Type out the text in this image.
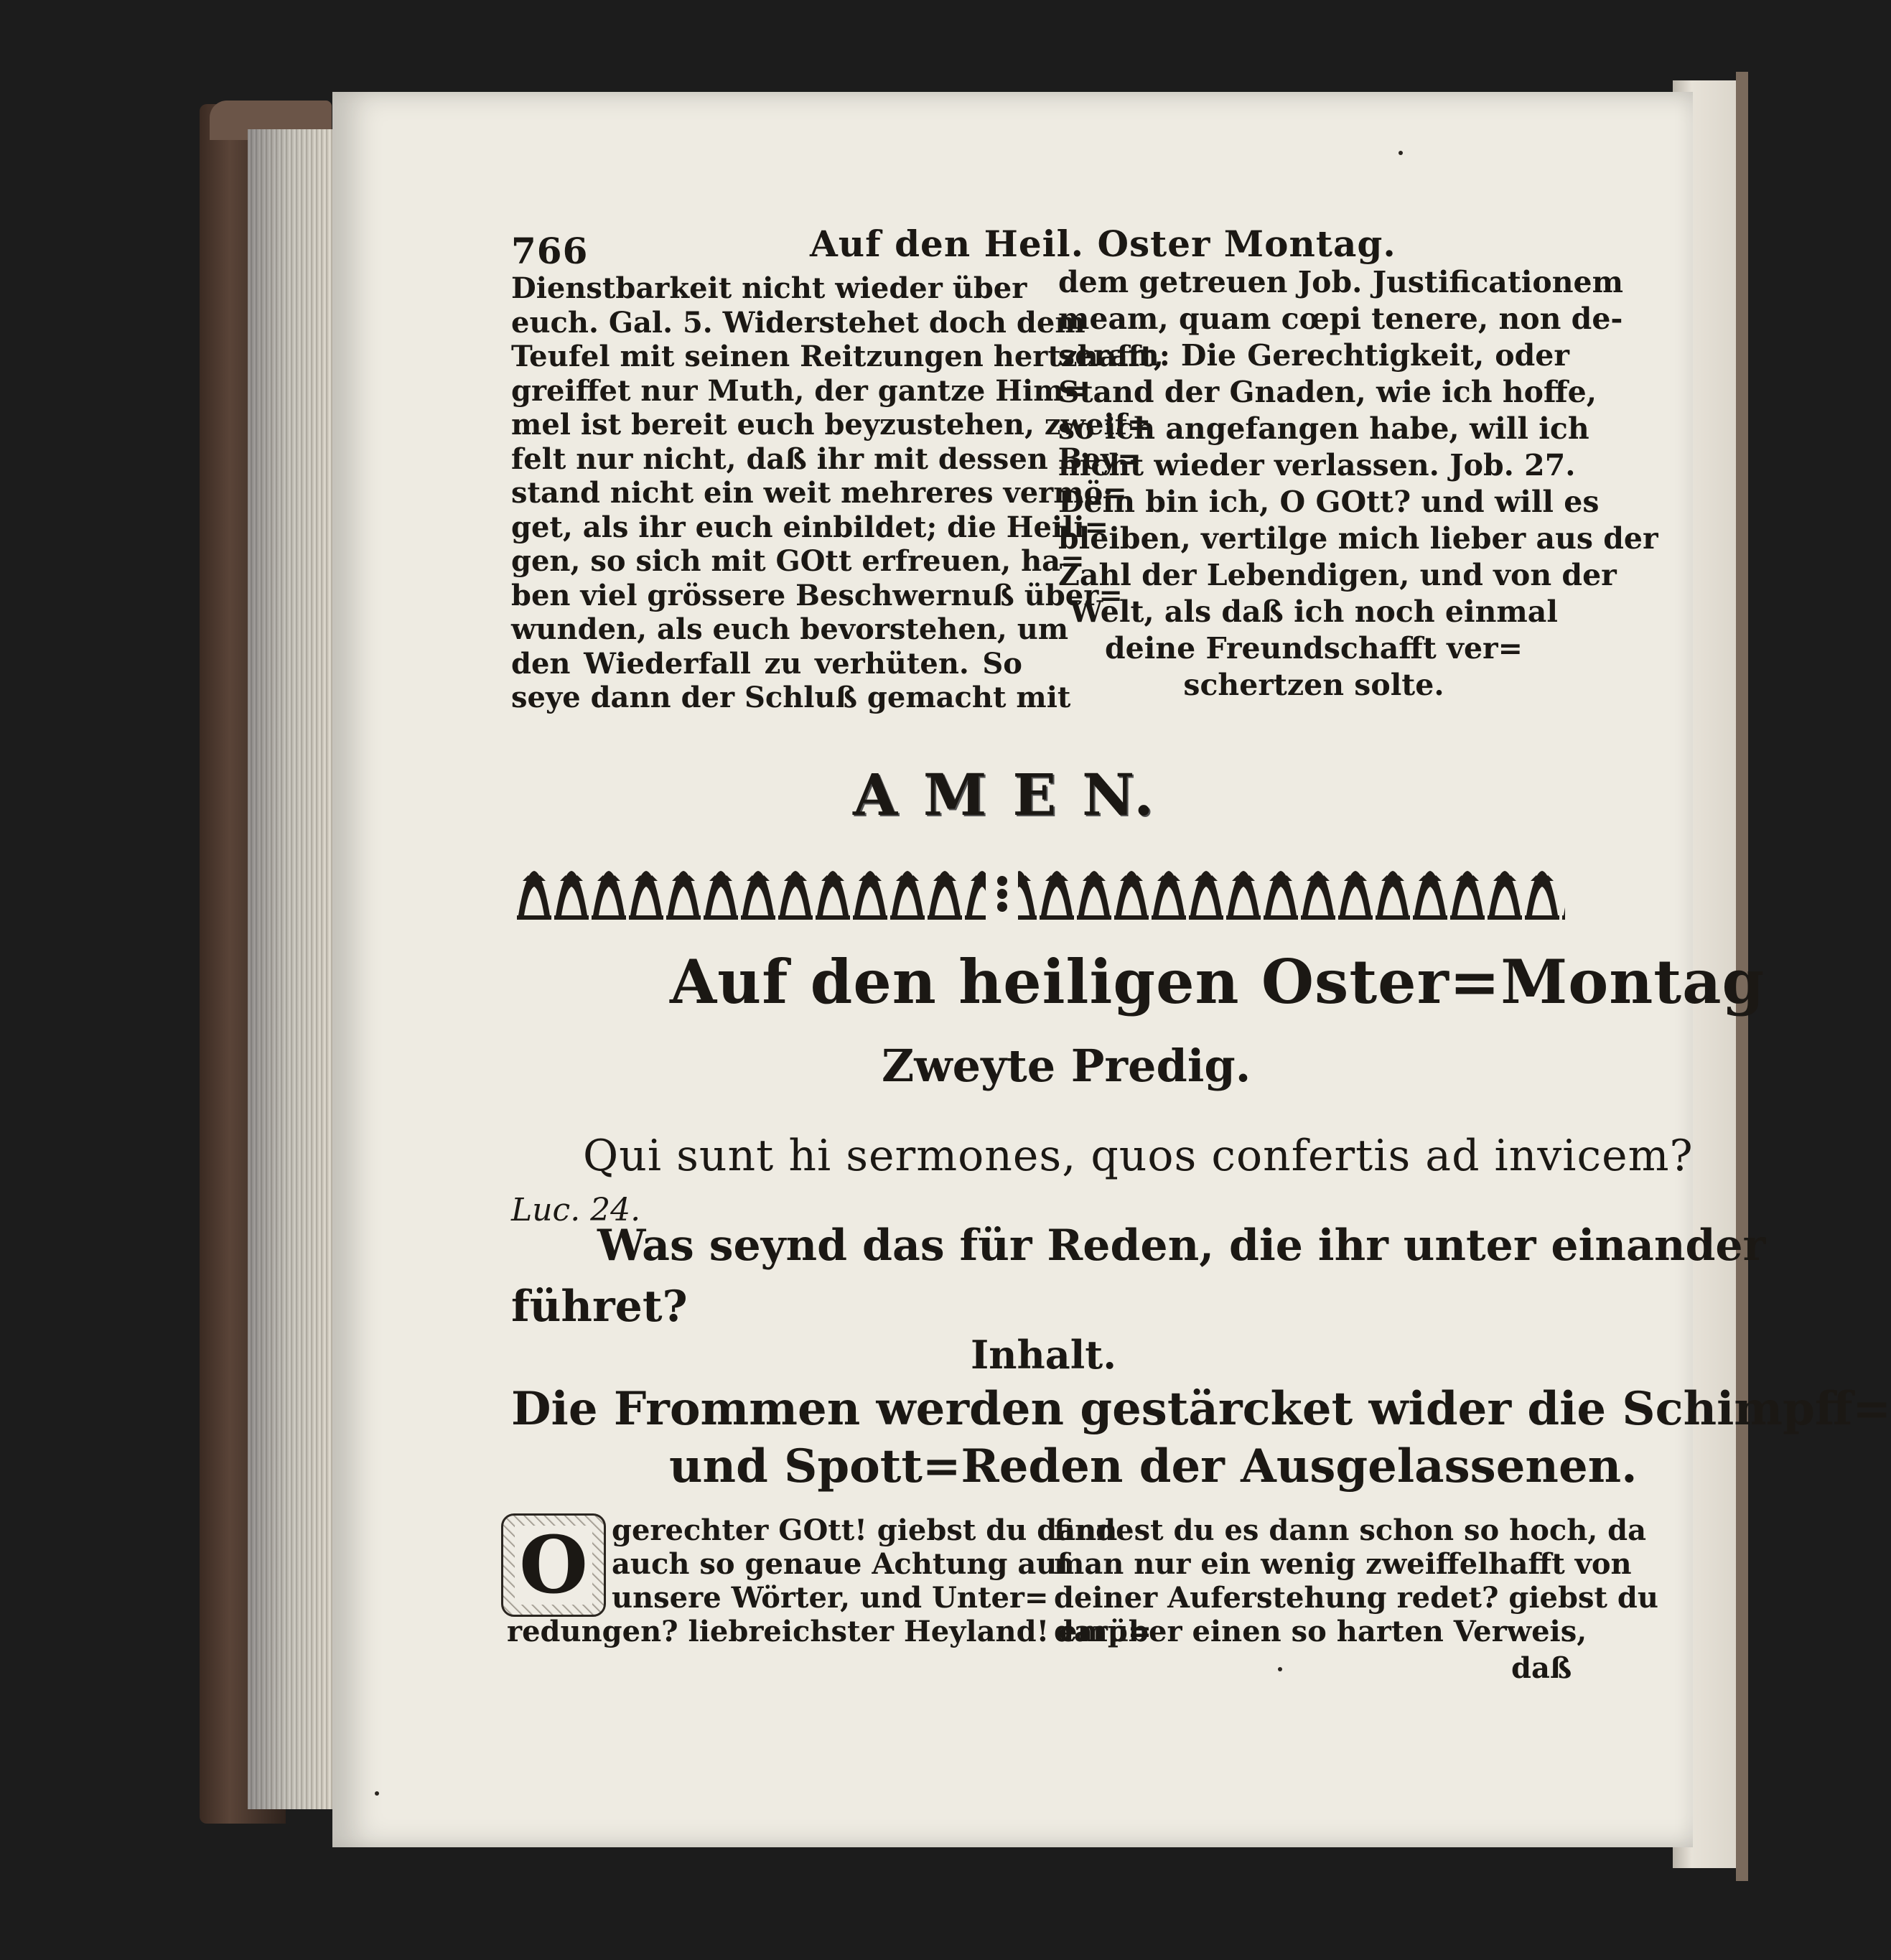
766	Auf den Heil. Oster Montag.
Dienstbarkeit nicht wieder über
euch. Gal. 5. Widerstehet doch dem
Teufel mit seinen Reitzungen hertzhafft,
greiffet nur Muth, der gantze Him=
mel ist bereit euch beyzustehen, zweif=
felt nur nicht, daß ihr mit dessen Bey=
stand nicht ein weit mehreres vermö=
get, als ihr euch einbildet; die Heili=
gen, so sich mit GOtt erfreuen, ha=
ben viel grössere Beschwernuß über=
wunden, als euch bevorstehen, um
den Wiederfall zu verhüten. So
seye dann der Schluß gemacht mit
dem getreuen Job. Justificationem
meam, quam cœpi tenere, non de-
seram: Die Gerechtigkeit, oder
Stand der Gnaden, wie ich hoffe,
so ich angefangen habe, will ich
nicht wieder verlassen. Job. 27.
Dein bin ich, O GOtt? und will es
bleiben, vertilge mich lieber aus der
Zahl der Lebendigen, und von der
Welt, als daß ich noch einmal
deine Freundschafft ver=
schertzen solte.
A M E N.
Auf den heiligen Oster=Montag
Zweyte Predig.
Qui sunt hi sermones, quos confertis ad invicem?
Luc. 24.
Was seynd das für Reden, die ihr unter einander
führet?
Inhalt.
Die Frommen werden gestärcket wider die Schimpff=
und Spott=Reden der Ausgelassenen.
O gerechter GOtt! giebst du dann
auch so genaue Achtung auf
unsere Wörter, und Unter=
redungen? liebreichster Heyland! emp=
findest du es dann schon so hoch, da
man nur ein wenig zweiffelhafft von
deiner Auferstehung redet? giebst du
darüber einen so harten Verweis,
daß
